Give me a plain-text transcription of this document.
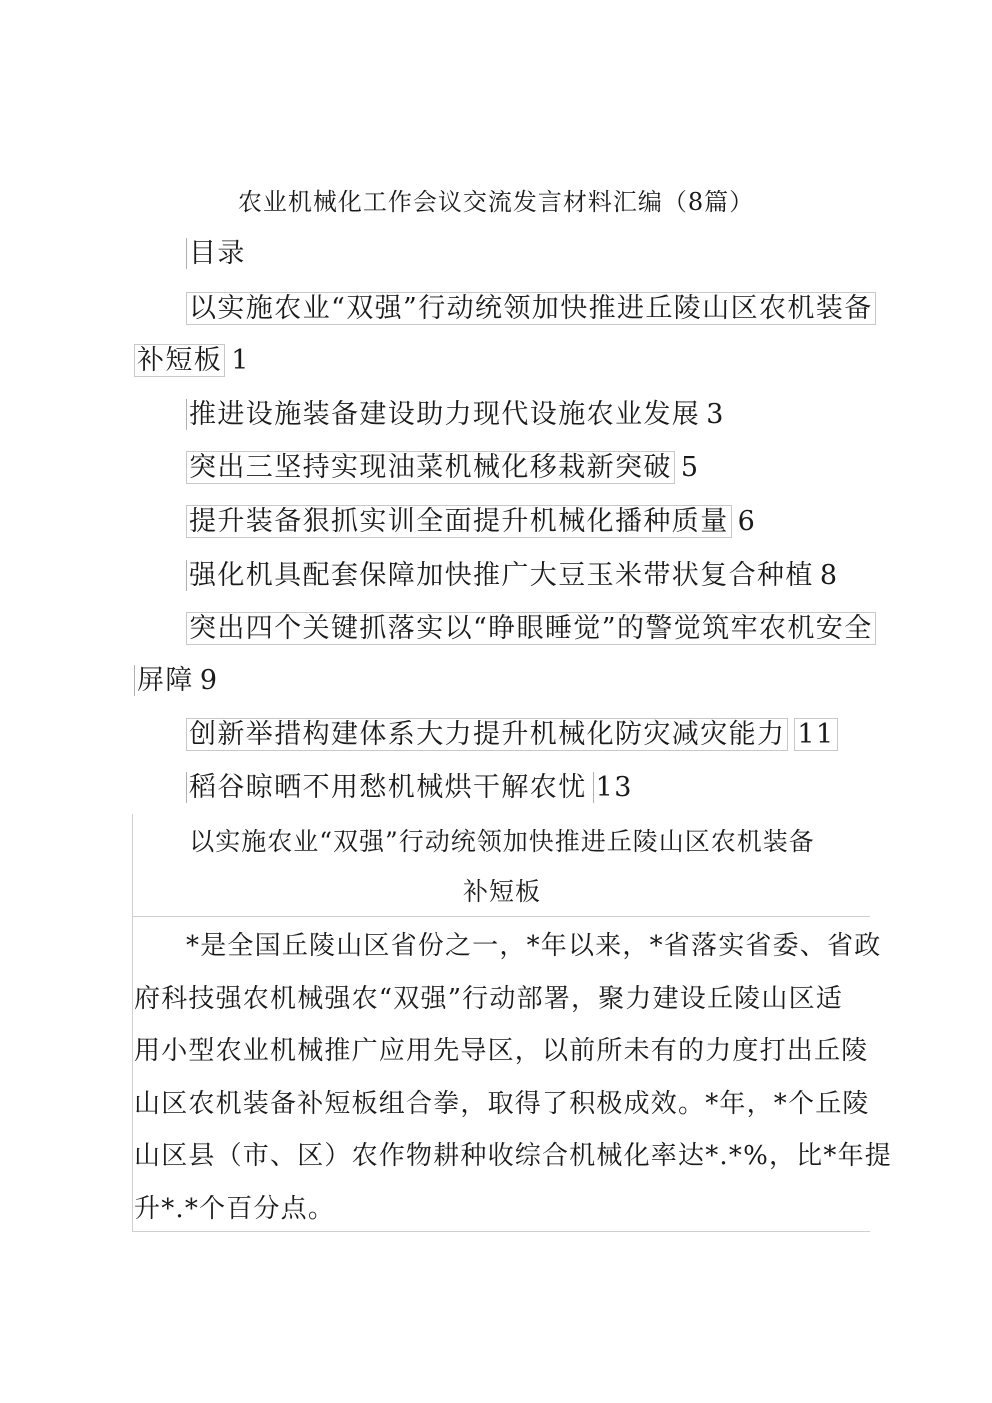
农业机械化工作会议交流发言材料汇编（8篇）
目录
以实施农业“双强”行动统领加快推进丘陵山区农机装备
补短板 1
推进设施装备建设助力现代设施农业发展 3
突出三坚持实现油菜机械化移栽新突破 5
提升装备狠抓实训全面提升机械化播种质量 6
强化机具配套保障加快推广大豆玉米带状复合种植 8
突出四个关键抓落实以“睁眼睡觉”的警觉筑牢农机安全
屏障 9
创新举措构建体系大力提升机械化防灾减灾能力 11
稻谷晾晒不用愁机械烘干解农忧 13
以实施农业“双强”行动统领加快推进丘陵山区农机装备
补短板
*是全国丘陵山区省份之一，*年以来，*省落实省委、省政
府科技强农机械强农“双强”行动部署，聚力建设丘陵山区适
用小型农业机械推广应用先导区，以前所未有的力度打出丘陵
山区农机装备补短板组合拳，取得了积极成效。*年，*个丘陵
山区县（市、区）农作物耕种收综合机械化率达*.*%，比*年提
升*.*个百分点。
